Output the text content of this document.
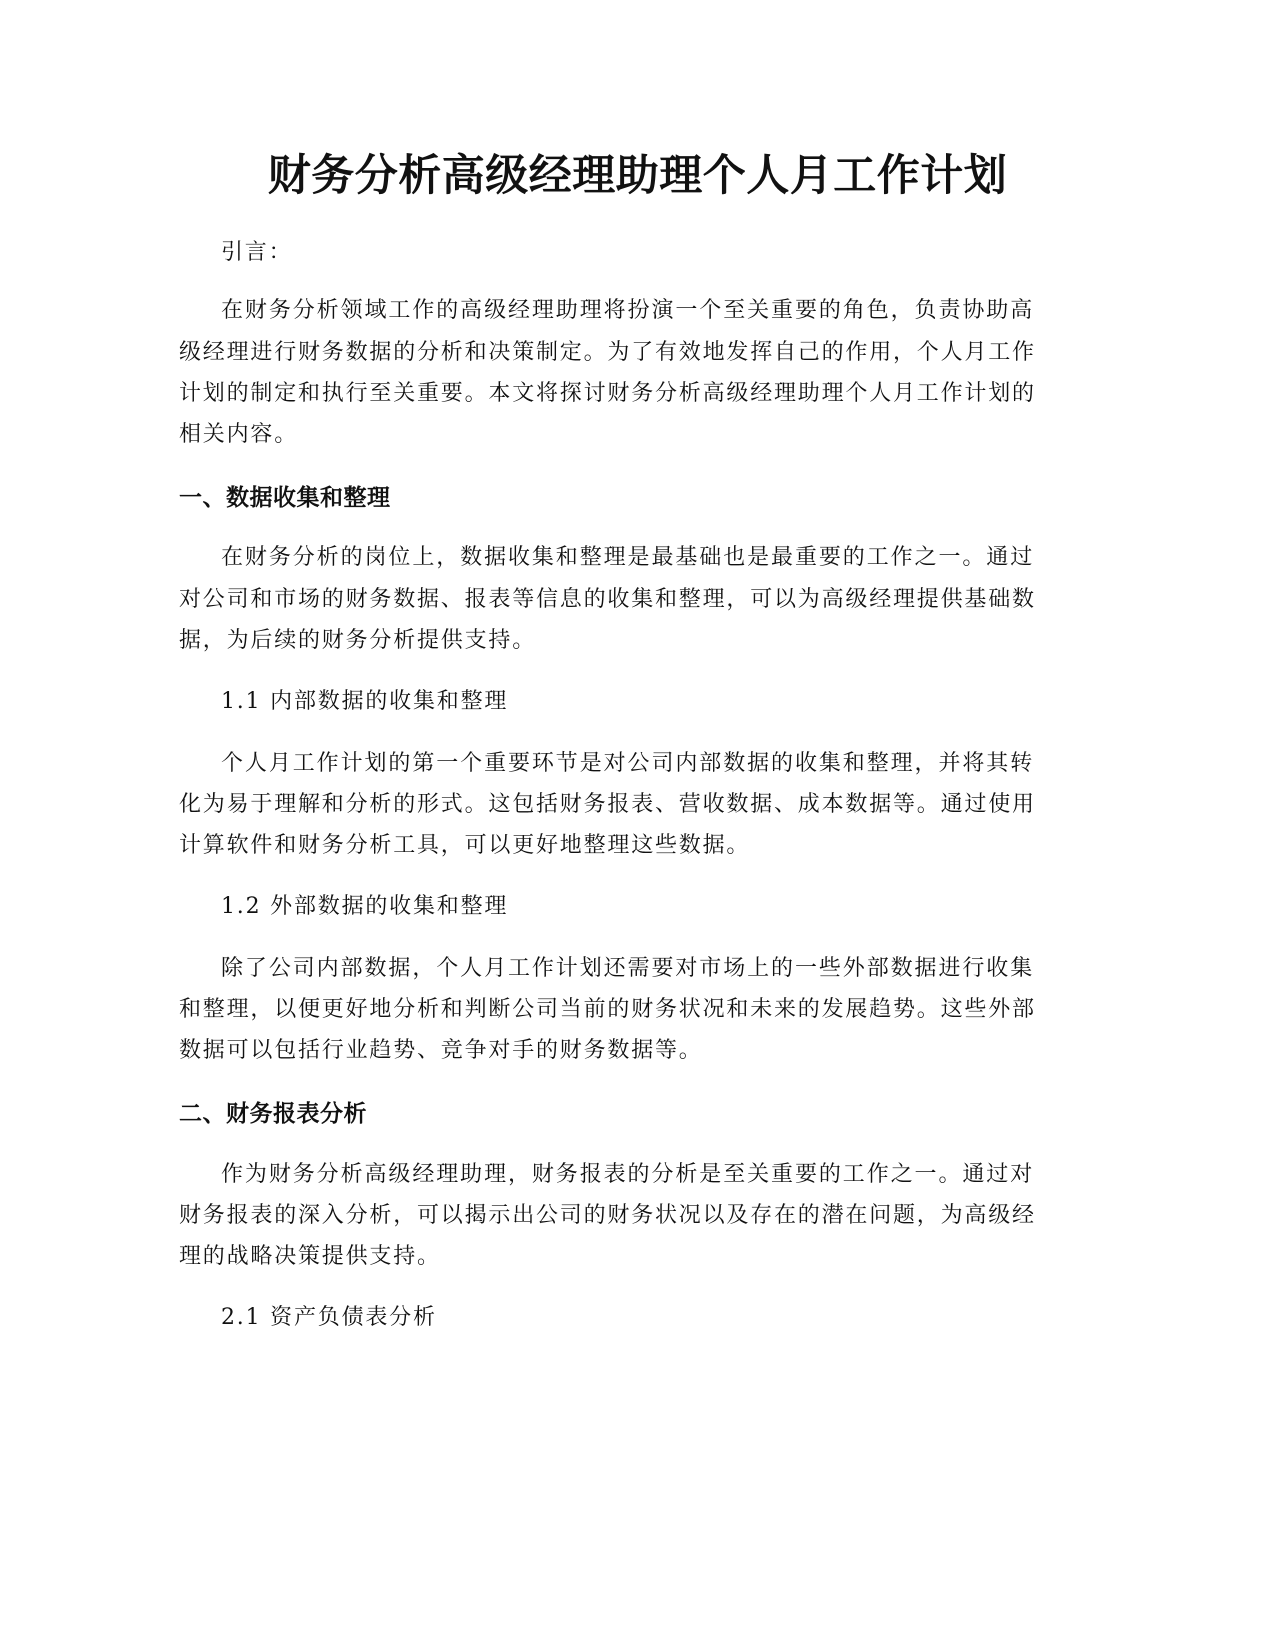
财务分析高级经理助理个人月工作计划

引言：

在财务分析领域工作的高级经理助理将扮演一个至关重要的角色，负责协助高

级经理进行财务数据的分析和决策制定。为了有效地发挥自己的作用，个人月工作

计划的制定和执行至关重要。本文将探讨财务分析高级经理助理个人月工作计划的

相关内容。

一、数据收集和整理

在财务分析的岗位上，数据收集和整理是最基础也是最重要的工作之一。通过

对公司和市场的财务数据、报表等信息的收集和整理，可以为高级经理提供基础数

据，为后续的财务分析提供支持。

1.1 内部数据的收集和整理

个人月工作计划的第一个重要环节是对公司内部数据的收集和整理，并将其转

化为易于理解和分析的形式。这包括财务报表、营收数据、成本数据等。通过使用

计算软件和财务分析工具，可以更好地整理这些数据。

1.2 外部数据的收集和整理

除了公司内部数据，个人月工作计划还需要对市场上的一些外部数据进行收集

和整理，以便更好地分析和判断公司当前的财务状况和未来的发展趋势。这些外部

数据可以包括行业趋势、竞争对手的财务数据等。

二、财务报表分析

作为财务分析高级经理助理，财务报表的分析是至关重要的工作之一。通过对

财务报表的深入分析，可以揭示出公司的财务状况以及存在的潜在问题，为高级经

理的战略决策提供支持。

2.1 资产负债表分析
